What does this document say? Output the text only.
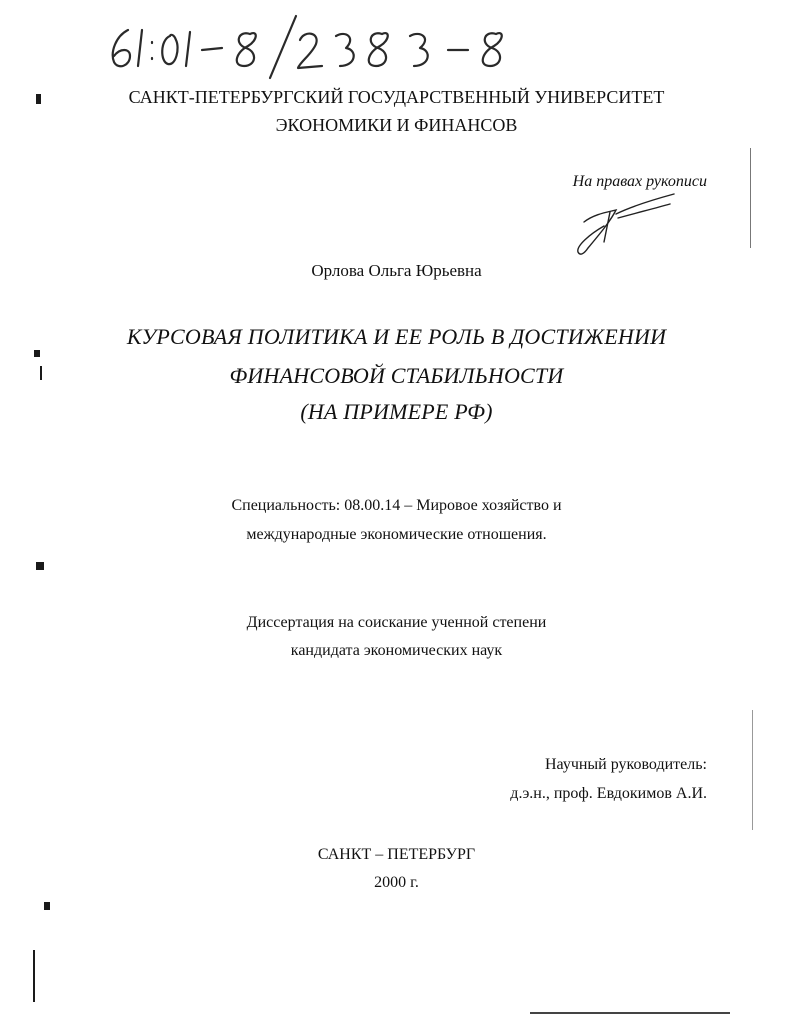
САНКТ-ПЕТЕРБУРГСКИЙ ГОСУДАРСТВЕННЫЙ УНИВЕРСИТЕТ
ЭКОНОМИКИ И ФИНАНСОВ
На правах рукописи
Орлова Ольга Юрьевна
КУРСОВАЯ ПОЛИТИКА И ЕЕ РОЛЬ В ДОСТИЖЕНИИ
ФИНАНСОВОЙ СТАБИЛЬНОСТИ
(НА ПРИМЕРЕ РФ)
Специальность: 08.00.14 – Мировое хозяйство и
международные экономические отношения.
Диссертация на соискание ученной степени
кандидата экономических наук
Научный руководитель:
д.э.н., проф. Евдокимов А.И.
САНКТ – ПЕТЕРБУРГ
2000 г.
